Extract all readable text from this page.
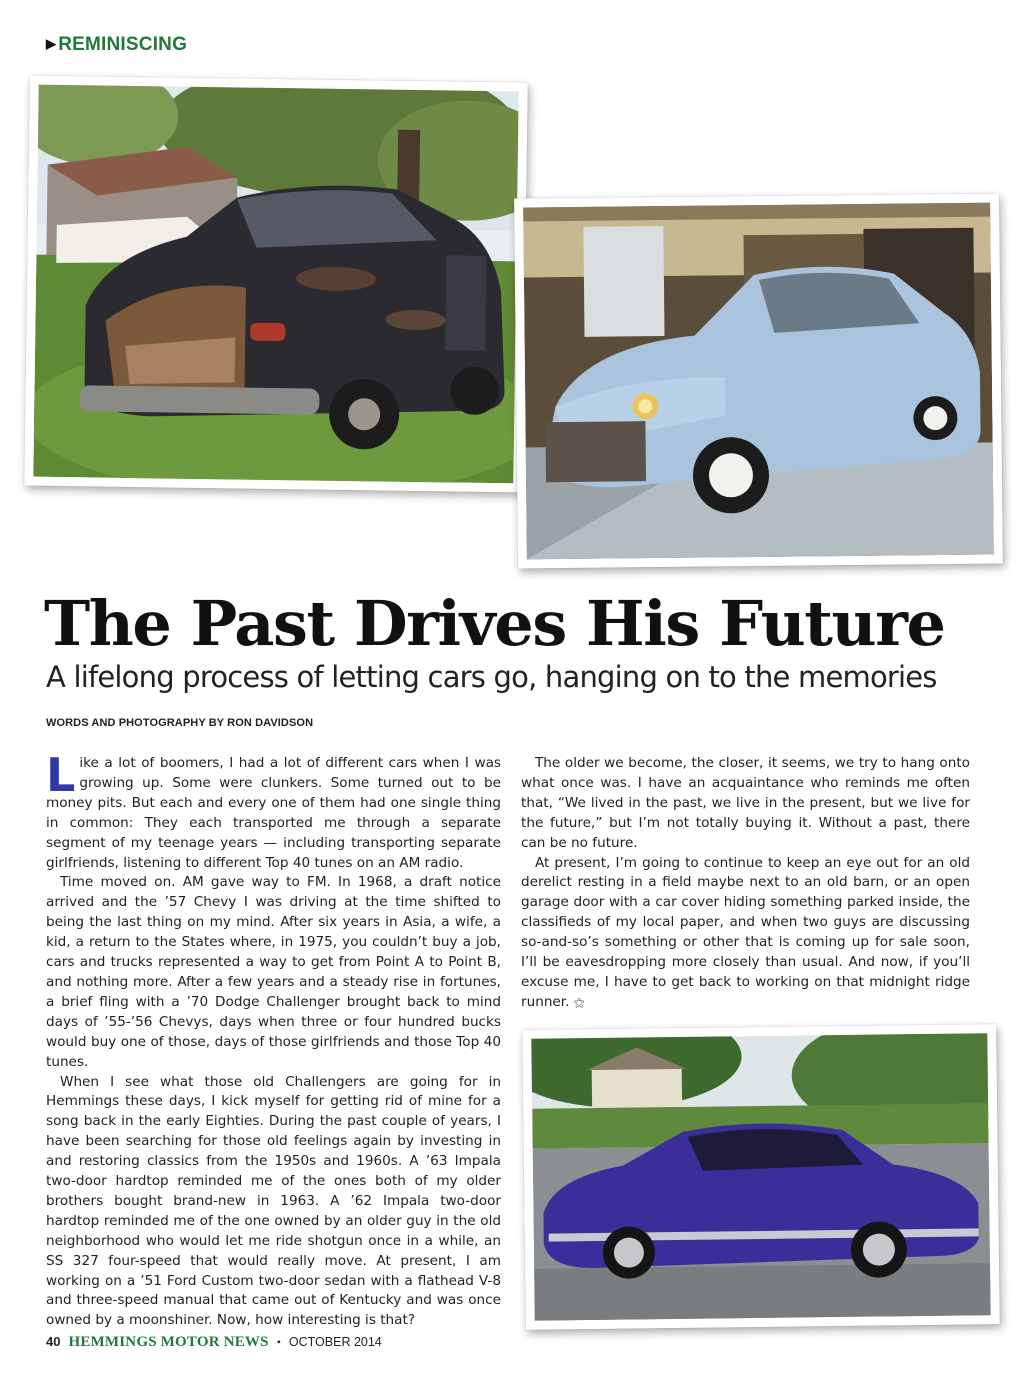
▶ REMINISCING
The Past Drives His Future

A lifelong process of letting cars go, hanging on to the memories

WORDS AND PHOTOGRAPHY BY RON DAVIDSON

Like a lot of boomers, I had a lot of different cars when I was growing up. Some were clunkers. Some turned out to be money pits. But each and every one of them had one single thing in common: They each transported me through a separate segment of my teenage years — including transporting separate girlfriends, listening to different Top 40 tunes on an AM radio.

Time moved on. AM gave way to FM. In 1968, a draft notice arrived and the ’57 Chevy I was driving at the time shifted to being the last thing on my mind. After six years in Asia, a wife, a kid, a return to the States where, in 1975, you couldn’t buy a job, cars and trucks represented a way to get from Point A to Point B, and nothing more. After a few years and a steady rise in fortunes, a brief fling with a ’70 Dodge Challenger brought back to mind days of ’55-’56 Chevys, days when three or four hundred bucks would buy one of those, days of those girlfriends and those Top 40 tunes.

When I see what those old Challengers are going for in Hemmings these days, I kick myself for getting rid of mine for a song back in the early Eighties. During the past couple of years, I have been searching for those old feelings again by investing in and restoring classics from the 1950s and 1960s. A ’63 Impala two-door hardtop reminded me of the ones both of my older brothers bought brand-new in 1963. A ’62 Impala two-door hardtop reminded me of the one owned by an older guy in the old neighborhood who would let me ride shotgun once in a while, an SS 327 four-speed that would really move. At present, I am working on a ’51 Ford Custom two-door sedan with a flathead V-8 and three-speed manual that came out of Kentucky and was once owned by a moonshiner. Now, how interesting is that?

The older we become, the closer, it seems, we try to hang onto what once was. I have an acquaintance who reminds me often that, “We lived in the past, we live in the present, but we live for the future,” but I’m not totally buying it. Without a past, there can be no future.

At present, I’m going to continue to keep an eye out for an old derelict resting in a field maybe next to an old barn, or an open garage door with a car cover hiding something parked inside, the classifieds of my local paper, and when two guys are discussing so-and-so’s something or other that is coming up for sale soon, I’ll be eavesdropping more closely than usual. And now, if you’ll excuse me, I have to get back to working on that midnight ridge runner. ⚝

40 HEMMINGS MOTOR NEWS • OCTOBER 2014
